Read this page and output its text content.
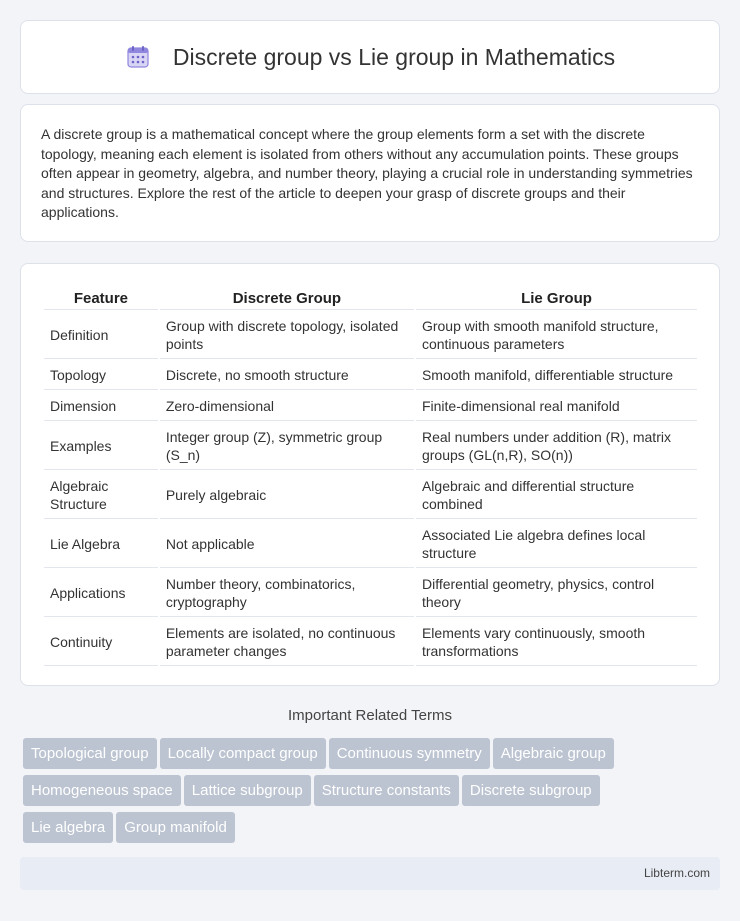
Discrete group vs Lie group in Mathematics

A discrete group is a mathematical concept where the group elements form a set with the discrete topology, meaning each element is isolated from others without any accumulation points. These groups often appear in geometry, algebra, and number theory, playing a crucial role in understanding symmetries and structures. Explore the rest of the article to deepen your grasp of discrete groups and their applications.

Feature	Discrete Group	Lie Group
Definition	Group with discrete topology, isolated points	Group with smooth manifold structure, continuous parameters
Topology	Discrete, no smooth structure	Smooth manifold, differentiable structure
Dimension	Zero-dimensional	Finite-dimensional real manifold
Examples	Integer group (Z), symmetric group (S_n)	Real numbers under addition (R), matrix groups (GL(n,R), SO(n))
Algebraic Structure	Purely algebraic	Algebraic and differential structure combined
Lie Algebra	Not applicable	Associated Lie algebra defines local structure
Applications	Number theory, combinatorics, cryptography	Differential geometry, physics, control theory
Continuity	Elements are isolated, no continuous parameter changes	Elements vary continuously, smooth transformations
Important Related Terms
Topological group Locally compact group Continuous symmetry Algebraic group
Homogeneous space Lattice subgroup Structure constants Discrete subgroup
Lie algebra Group manifold
Libterm.com
